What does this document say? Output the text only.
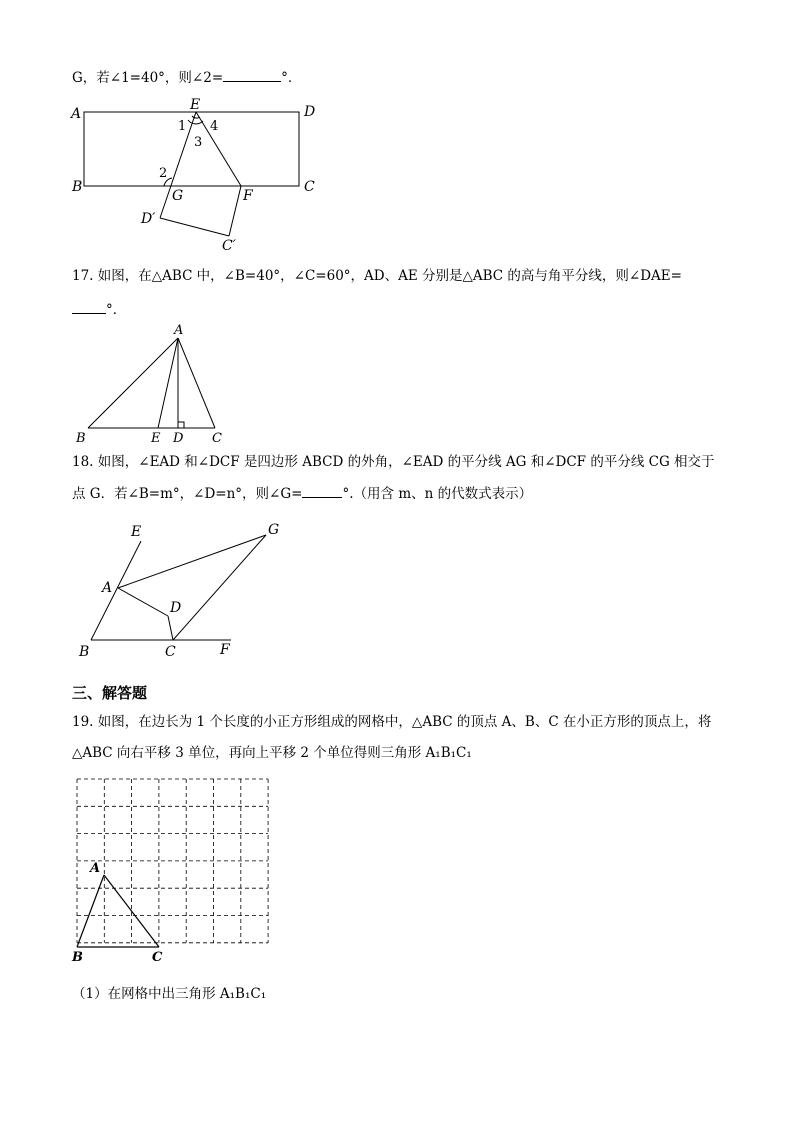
G，若∠1=40°，则∠2=	°．
A
E	D
B
G	F
C
D′
C′
1 4
3
2
17. 如图，在△ABC 中，∠B=40°，∠C=60°，AD、AE 分别是△ABC 的高与角平分线，则∠DAE=
°．
A
B	E D C
18. 如图，∠EAD 和∠DCF 是四边形 ABCD 的外角，∠EAD 的平分线 AG 和∠DCF 的平分线 CG 相交于
点 G．若∠B=m°，∠D=n°，则∠G=	°.（用含 m、n 的代数式表示）
E	G
A
D
B	C	F
三、解答题
19. 如图，在边长为 1 个长度的小正方形组成的网格中，△ABC 的顶点 A、B、C 在小正方形的顶点上，将
△ABC 向右平移 3 单位，再向上平移 2 个单位得则三角形 A₁B₁C₁
A
B	C
（1）在网格中出三角形 A₁B₁C₁
